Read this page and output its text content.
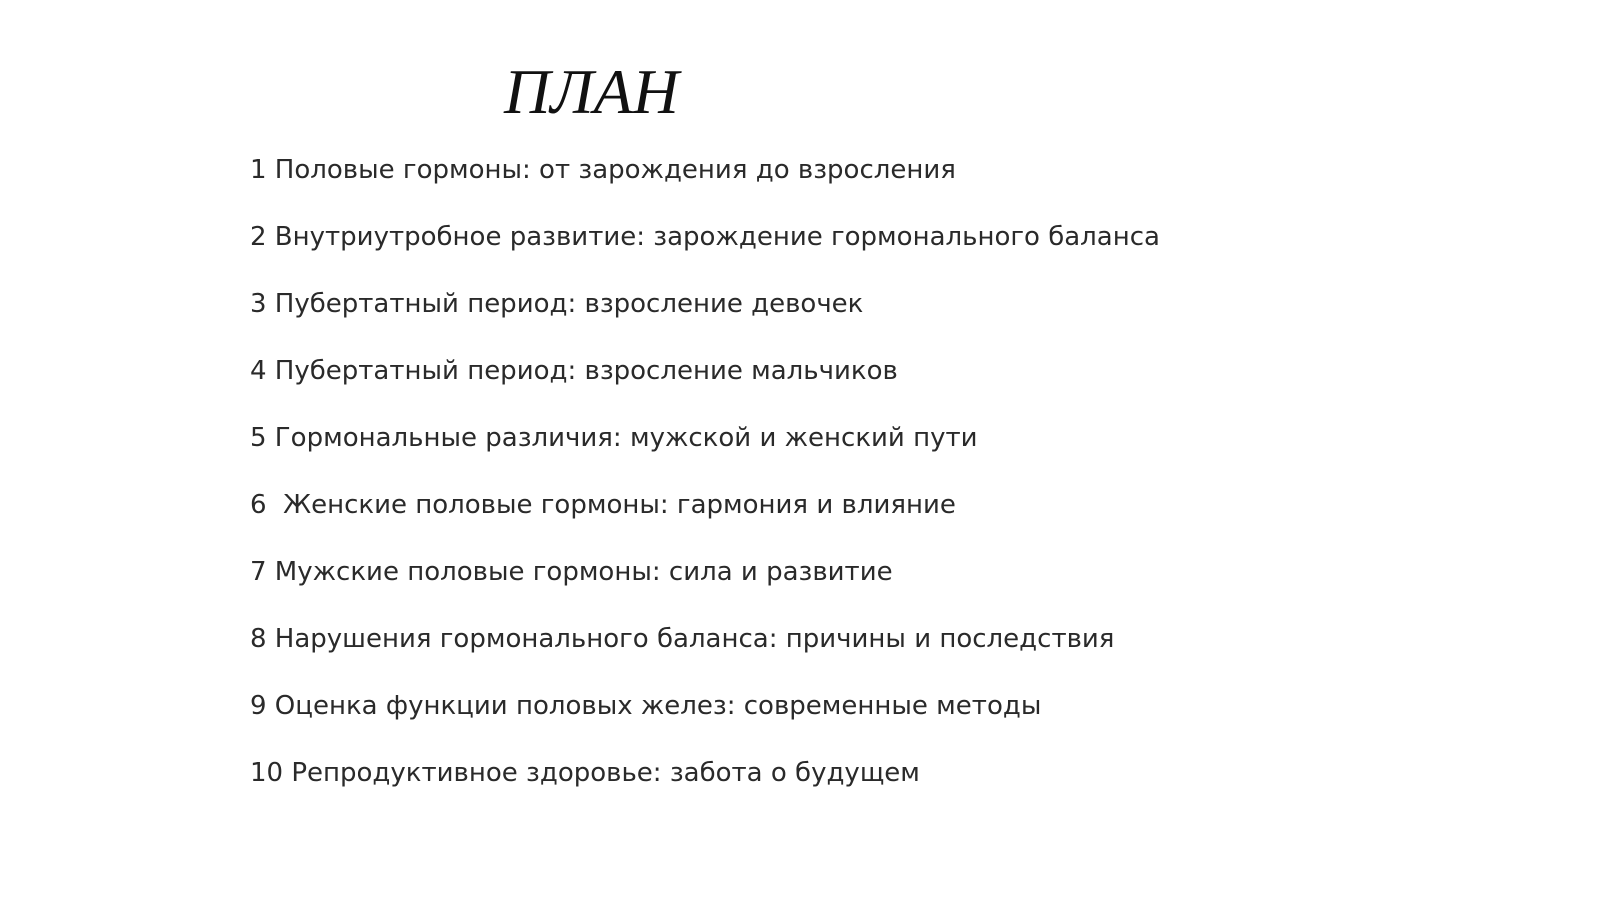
ПЛАН
1 Половые гормоны: от зарождения до взросления
2 Внутриутробное развитие: зарождение гормонального баланса
3 Пубертатный период: взросление девочек
4 Пубертатный период: взросление мальчиков
5 Гормональные различия: мужской и женский пути
6  Женские половые гормоны: гармония и влияние
7 Мужские половые гормоны: сила и развитие
8 Нарушения гормонального баланса: причины и последствия
9 Оценка функции половых желез: современные методы
10 Репродуктивное здоровье: забота о будущем
